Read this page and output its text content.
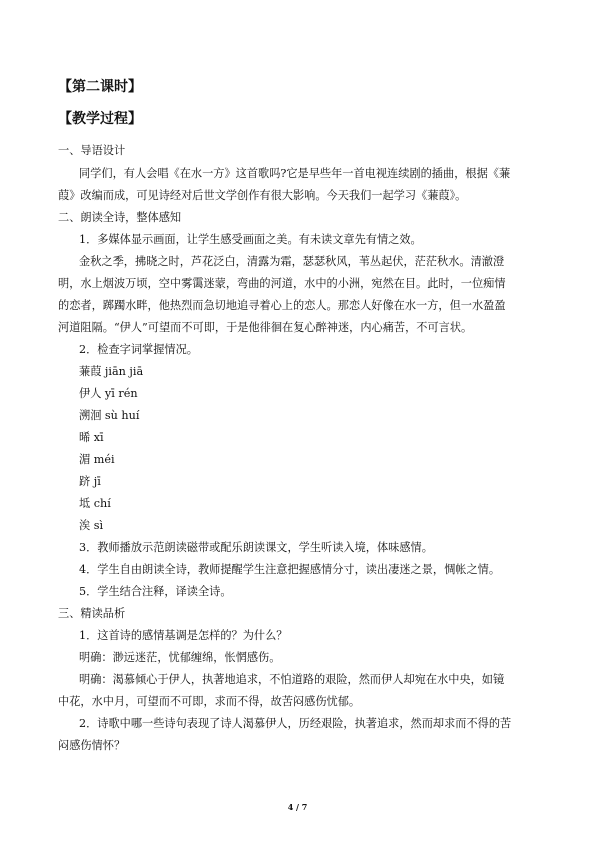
【第二课时】
【教学过程】
一、导语设计
同学们，有人会唱《在水一方》这首歌吗?它是早些年一首电视连续剧的插曲，根据《蒹
葭》改编而成，可见诗经对后世文学创作有很大影响。今天我们一起学习《蒹葭》。
二、朗读全诗，整体感知
1．多媒体显示画面，让学生感受画面之美。有未读文章先有情之效。
金秋之季，拂晓之时，芦花泛白，清露为霜，瑟瑟秋风，苇丛起伏，茫茫秋水。清澈澄
明，水上烟波万顷，空中雾霭迷蒙，弯曲的河道，水中的小洲，宛然在目。此时，一位痴情
的恋者，踯躅水畔，他热烈而急切地追寻着心上的恋人。那恋人好像在水一方，但一水盈盈
河道阻隔。“伊人”可望而不可即，于是他徘徊在复心醉神迷，内心痛苦，不可言状。
2．检查字词掌握情况。
蒹葭 jiān jiā
伊人 yī rén
溯洄 sù huí
晞 xī
湄 méi
跻 jī
坻 chí
涘 sì
3．教师播放示范朗读磁带或配乐朗读课文，学生听读入境，体味感情。
4．学生自由朗读全诗，教师提醒学生注意把握感情分寸，读出凄迷之景，惆帐之情。
5．学生结合注释，译读全诗。
三、精读品析
1．这首诗的感情基调是怎样的？为什么？
明确：渺远迷茫，忧郁缠绵，怅惘感伤。
明确：渴慕倾心于伊人，执著地追求，不怕道路的艰险，然而伊人却宛在水中央，如镜
中花，水中月，可望而不可即，求而不得，故苦闷感伤忧郁。
2．诗歌中哪一些诗句表现了诗人渴慕伊人，历经艰险，执著追求，然而却求而不得的苦
闷感伤情怀？
4 / 7
